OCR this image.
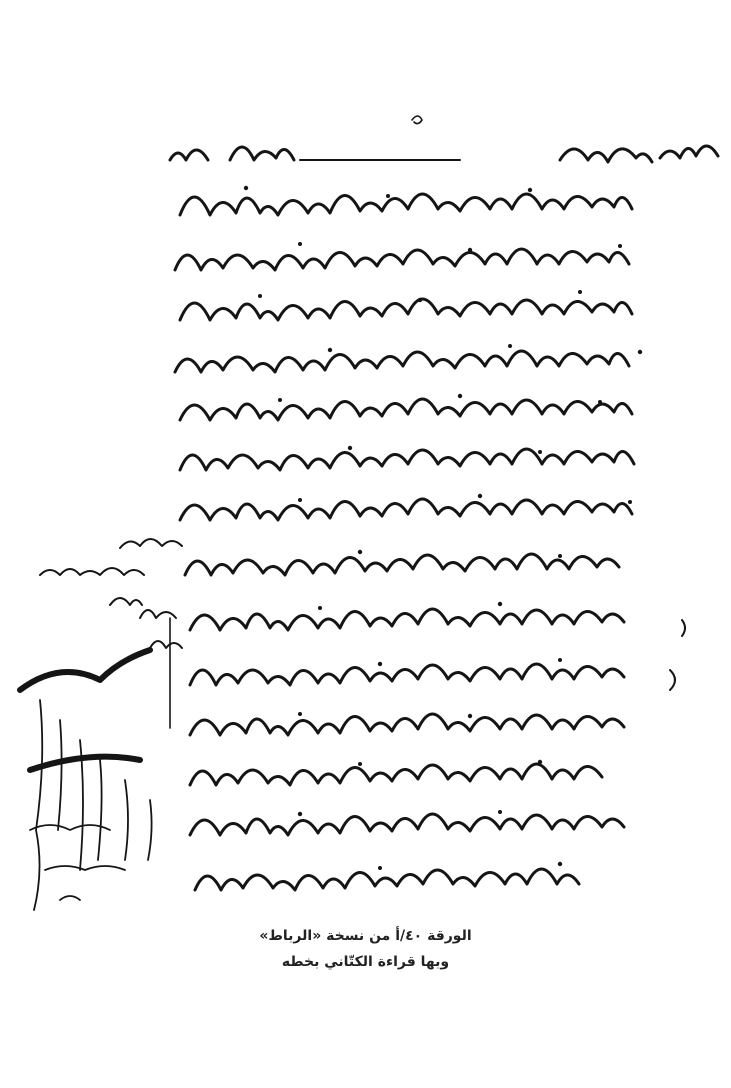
الورقة ٤٠/أ من نسخة «الرباط»
وبها قراءة الكتّاني بخطه
